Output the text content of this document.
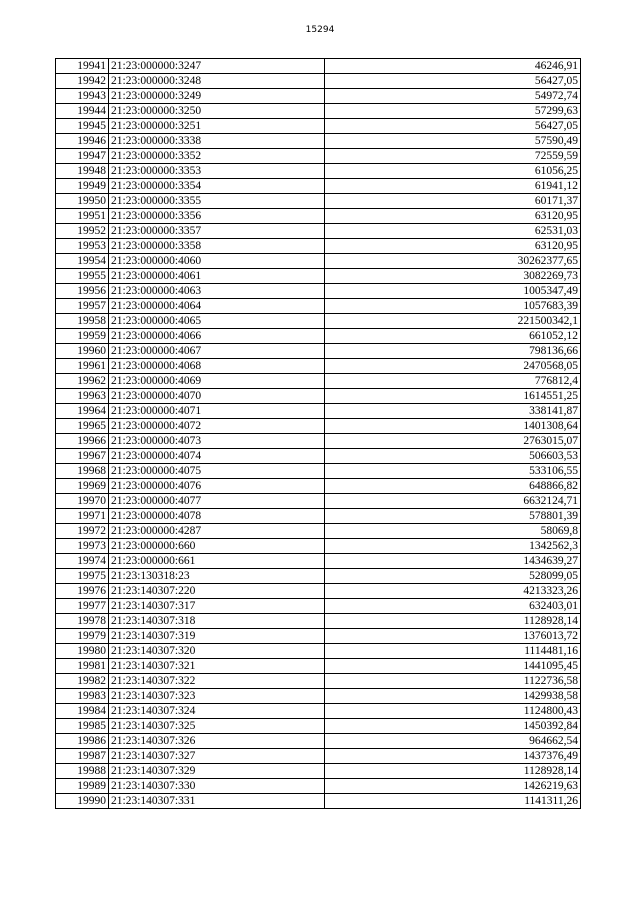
15294
19941	21:23:000000:3247	46246,91
19942	21:23:000000:3248	56427,05
19943	21:23:000000:3249	54972,74
19944	21:23:000000:3250	57299,63
19945	21:23:000000:3251	56427,05
19946	21:23:000000:3338	57590,49
19947	21:23:000000:3352	72559,59
19948	21:23:000000:3353	61056,25
19949	21:23:000000:3354	61941,12
19950	21:23:000000:3355	60171,37
19951	21:23:000000:3356	63120,95
19952	21:23:000000:3357	62531,03
19953	21:23:000000:3358	63120,95
19954	21:23:000000:4060	30262377,65
19955	21:23:000000:4061	3082269,73
19956	21:23:000000:4063	1005347,49
19957	21:23:000000:4064	1057683,39
19958	21:23:000000:4065	221500342,1
19959	21:23:000000:4066	661052,12
19960	21:23:000000:4067	798136,66
19961	21:23:000000:4068	2470568,05
19962	21:23:000000:4069	776812,4
19963	21:23:000000:4070	1614551,25
19964	21:23:000000:4071	338141,87
19965	21:23:000000:4072	1401308,64
19966	21:23:000000:4073	2763015,07
19967	21:23:000000:4074	506603,53
19968	21:23:000000:4075	533106,55
19969	21:23:000000:4076	648866,82
19970	21:23:000000:4077	6632124,71
19971	21:23:000000:4078	578801,39
19972	21:23:000000:4287	58069,8
19973	21:23:000000:660	1342562,3
19974	21:23:000000:661	1434639,27
19975	21:23:130318:23	528099,05
19976	21:23:140307:220	4213323,26
19977	21:23:140307:317	632403,01
19978	21:23:140307:318	1128928,14
19979	21:23:140307:319	1376013,72
19980	21:23:140307:320	1114481,16
19981	21:23:140307:321	1441095,45
19982	21:23:140307:322	1122736,58
19983	21:23:140307:323	1429938,58
19984	21:23:140307:324	1124800,43
19985	21:23:140307:325	1450392,84
19986	21:23:140307:326	964662,54
19987	21:23:140307:327	1437376,49
19988	21:23:140307:329	1128928,14
19989	21:23:140307:330	1426219,63
19990	21:23:140307:331	1141311,26
